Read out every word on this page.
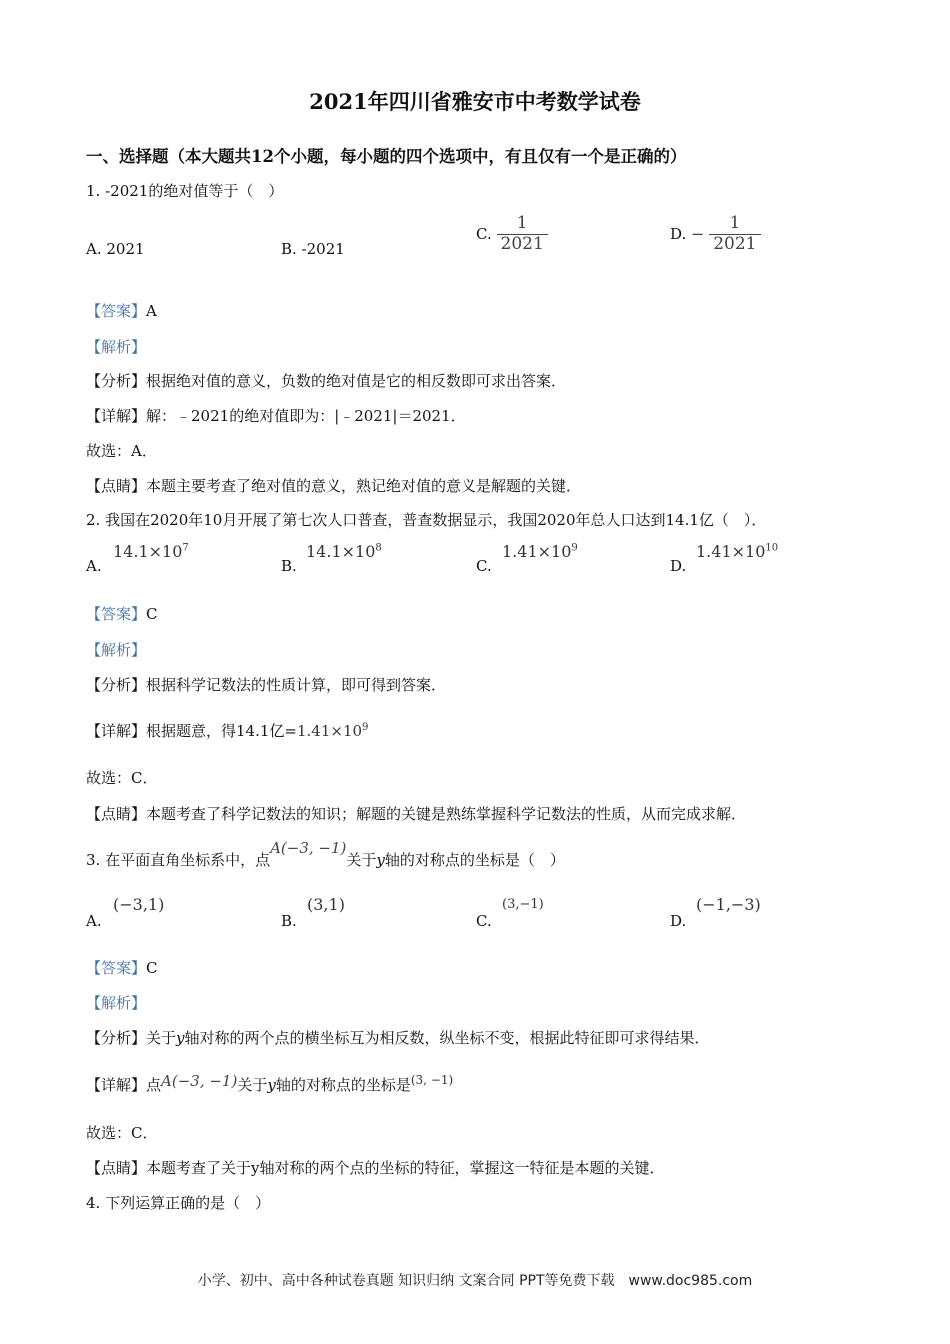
2021年四川省雅安市中考数学试卷
一、选择题（本大题共12个小题，每小题的四个选项中，有且仅有一个是正确的）
1. -2021的绝对值等于（　）
A. 2021	B. -2021
C. $\frac{1}{2021}$	D. − $\frac{1}{2021}$
【答案】A
【解析】
【分析】根据绝对值的意义，负数的绝对值是它的相反数即可求出答案．
【详解】解：﹣2021的绝对值即为：|﹣2021|＝2021．
故选：A．
【点睛】本题主要考查了绝对值的意义，熟记绝对值的意义是解题的关键．
2. 我国在2020年10月开展了第七次人口普查，普查数据显示，我国2020年总人口达到14.1亿（　）．
A.
$14.1\times 10^7$
B.
$14.1\times 10^8$
C.
$1.41\times 10^9$
D.
$1.41\times 10^{10}$
【答案】C
【解析】
【分析】根据科学记数法的性质计算，即可得到答案．
【详解】根据题意，得14.1亿$=1.41\times 10^9$
故选：C．
【点睛】本题考查了科学记数法的知识；解题的关键是熟练掌握科学记数法的性质，从而完成求解．
3. 在平面直角坐标系中，点A(−3, −1)关于y轴的对称点的坐标是（　）
A.
(−3,1)
B.
(3,1)
C.
(3,−1)
D.
(−1,−3)
【答案】C
【解析】
【分析】关于y轴对称的两个点的横坐标互为相反数，纵坐标不变，根据此特征即可求得结果．
【详解】点A(−3, −1)关于y轴的对称点的坐标是(3, −1)
故选：C．
【点睛】本题考查了关于y轴对称的两个点的坐标的特征，掌握这一特征是本题的关键．
4. 下列运算正确的是（　）
小学、初中、高中各种试卷真题 知识归纳 文案合同 PPT等免费下载　www.doc985.com
